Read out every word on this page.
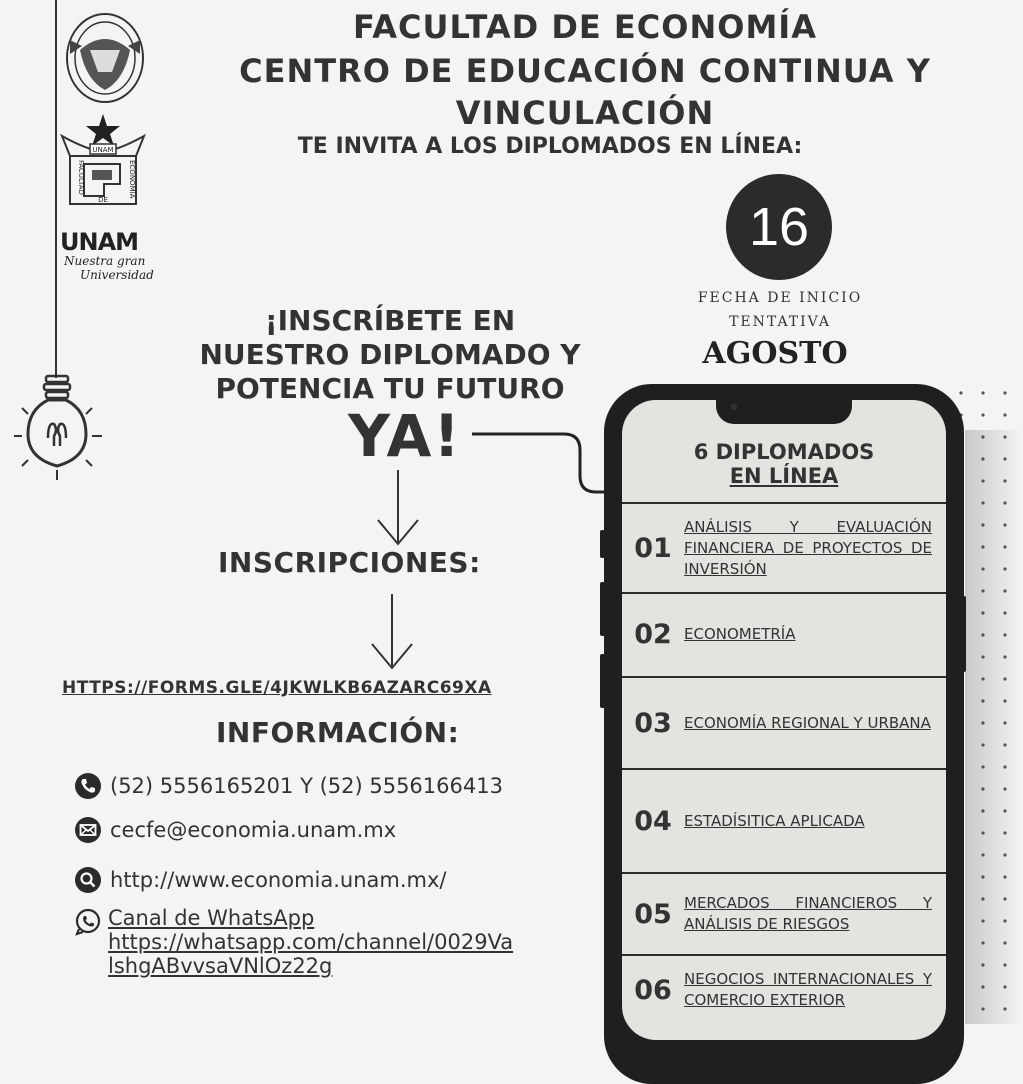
FACULTAD DE ECONOMÍA
CENTRO DE EDUCACIÓN CONTINUA Y
VINCULACIÓN
TE INVITA A LOS DIPLOMADOS EN LÍNEA:
UNAM
FACULTAD	ECONOMÍA
DE
UNAM
Nuestra gran
Universidad
16
FECHA DE INICIO
TENTATIVA
AGOSTO
¡INSCRÍBETE EN
NUESTRO DIPLOMADO Y
POTENCIA TU FUTURO
YA!
INSCRIPCIONES:
HTTPS://FORMS.GLE/4JKWLKB6AZARC69XA
INFORMACIÓN:
(52) 5556165201 Y (52) 5556166413
cecfe@economia.unam.mx
http://www.economia.unam.mx/
Canal de WhatsApp
https://whatsapp.com/channel/0029ValshgABvvsaVNlOz22g
6 DIPLOMADOS
EN LÍNEA
01
ANÁLISIS Y EVALUACIÓN FINANCIERA DE PROYECTOS DE INVERSIÓN
02 ECONOMETRÍA
03 ECONOMÍA REGIONAL Y URBANA
04 ESTADÍSITICA APLICADA
05 MERCADOS FINANCIEROS Y ANÁLISIS DE RIESGOS
06 NEGOCIOS INTERNACIONALES Y COMERCIO EXTERIOR
